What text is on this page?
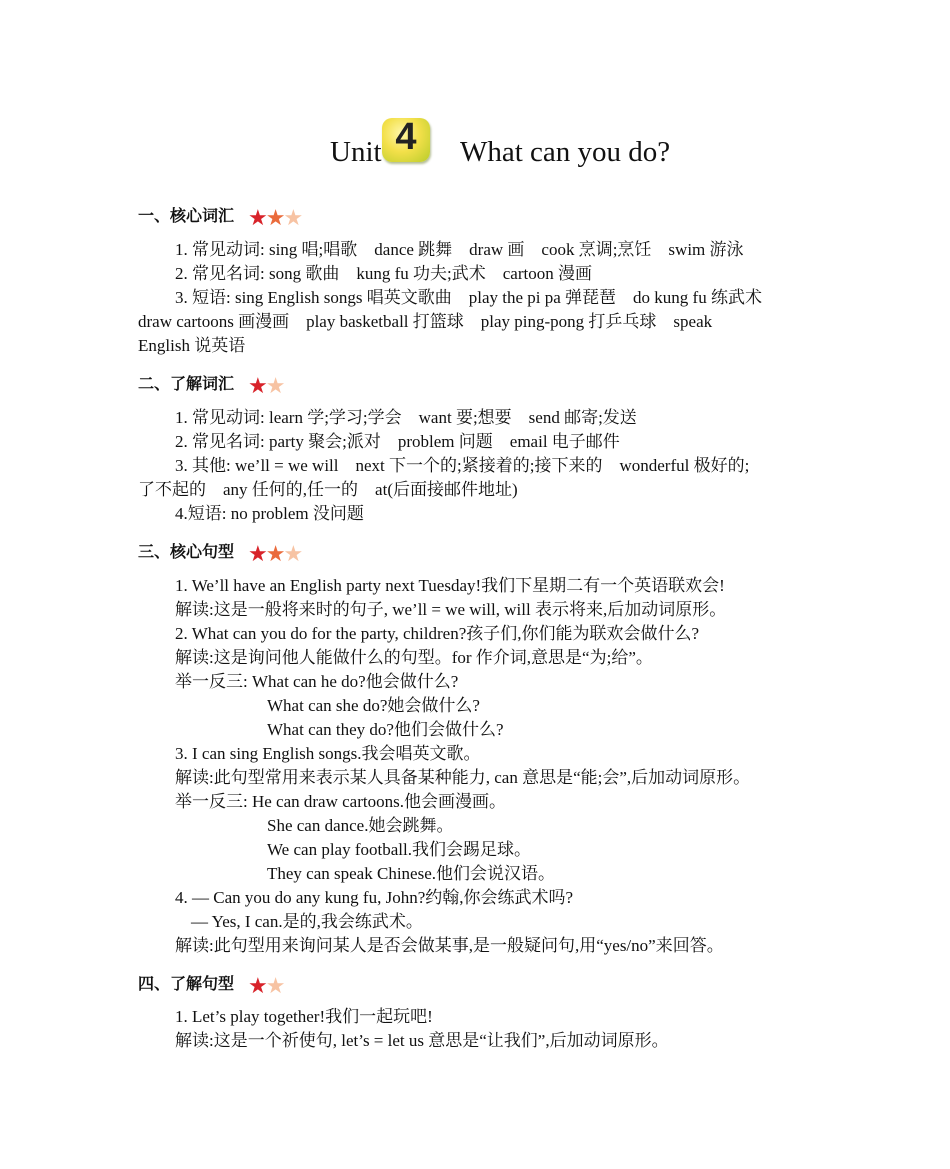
Unit 4	What can you do?
一、核心词汇 ★★★
1. 常见动词: sing 唱;唱歌　dance 跳舞　draw 画　cook 烹调;烹饪　swim 游泳
2. 常见名词: song 歌曲　kung fu 功夫;武术　cartoon 漫画
3. 短语: sing English songs 唱英文歌曲　play the pi pa 弹琵琶　do kung fu 练武术
draw cartoons 画漫画　play basketball 打篮球　play ping-pong 打乒乓球　speak
English 说英语
二、了解词汇 ★★
1. 常见动词: learn 学;学习;学会　want 要;想要　send 邮寄;发送
2. 常见名词: party 聚会;派对　problem 问题　email 电子邮件
3. 其他: we’ll = we will　next 下一个的;紧接着的;接下来的　wonderful 极好的;
了不起的　any 任何的,任一的　at(后面接邮件地址)
4.短语: no problem 没问题
三、核心句型 ★★★
1. We’ll have an English party next Tuesday!我们下星期二有一个英语联欢会!
解读:这是一般将来时的句子, we’ll = we will, will 表示将来,后加动词原形。
2. What can you do for the party, children?孩子们,你们能为联欢会做什么?
解读:这是询问他人能做什么的句型。for 作介词,意思是“为;给”。
举一反三: What can he do?他会做什么?
What can she do?她会做什么?
What can they do?他们会做什么?
3. I can sing English songs.我会唱英文歌。
解读:此句型常用来表示某人具备某种能力, can 意思是“能;会”,后加动词原形。
举一反三: He can draw cartoons.他会画漫画。
She can dance.她会跳舞。
We can play football.我们会踢足球。
They can speak Chinese.他们会说汉语。
4. — Can you do any kung fu, John?约翰,你会练武术吗?
— Yes, I can.是的,我会练武术。
解读:此句型用来询问某人是否会做某事,是一般疑问句,用“yes/no”来回答。
四、了解句型 ★★
1. Let’s play together!我们一起玩吧!
解读:这是一个祈使句, let’s = let us 意思是“让我们”,后加动词原形。
